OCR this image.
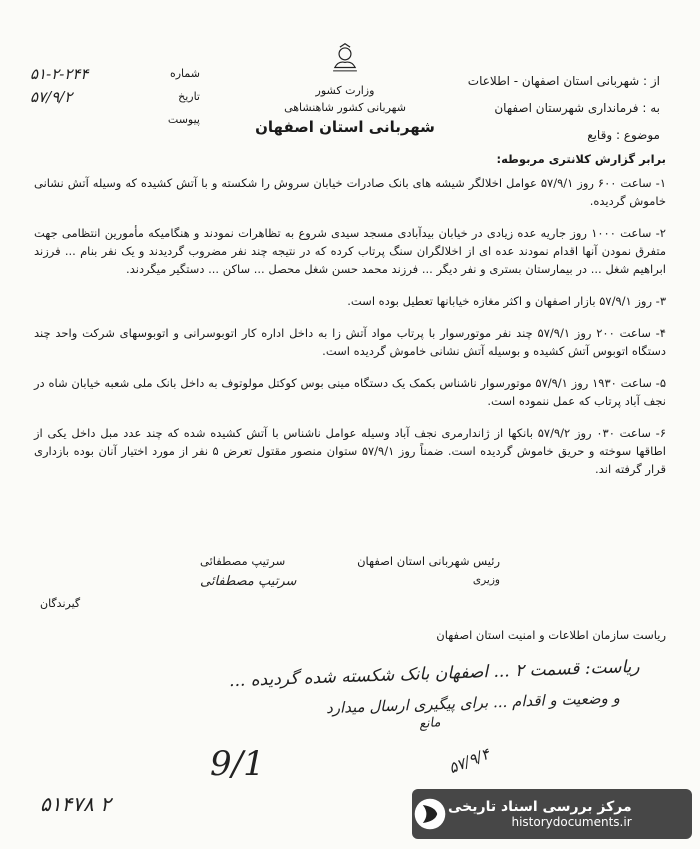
از : شهربانی استان اصفهان - اطلاعات
به : فرمانداری شهرستان اصفهان
موضوع : وقایع
وزارت کشور
شهربانی کشور شاهنشاهی
شهربانی استان اصفهان
شماره
۵۱-۲-۲۴۴
تاریخ
۵۷/۹/۲
پیوست
برابر گزارش کلانتری مربوطه:
۱- ساعت ۶۰۰ روز ۵۷/۹/۱ عوامل اخلالگر شیشه های بانک صادرات خیابان سروش را شکسته و با آتش کشیده که وسیله آتش نشانی خاموش گردیده.
۲- ساعت ۱۰۰۰ روز جاریه عده زیادی در خیابان بیدآبادی مسجد سیدی شروع به تظاهرات نمودند و هنگامیکه مأمورین انتظامی جهت متفرق نمودن آنها اقدام نمودند عده ای از اخلالگران سنگ پرتاب کرده که در نتیجه چند نفر مضروب گردیدند و یک نفر بنام ... فرزند ابراهیم شغل ... در بیمارستان بستری و نفر دیگر ... فرزند محمد حسن شغل محصل ... ساکن ... دستگیر میگردند.
۳- روز ۵۷/۹/۱ بازار اصفهان و اکثر مغازه خیابانها تعطیل بوده است.
۴- ساعت ۲۰۰ روز ۵۷/۹/۱ چند نفر موتورسوار با پرتاب مواد آتش زا به داخل اداره کار اتوبوسرانی و اتوبوسهای شرکت واحد چند دستگاه اتوبوس آتش کشیده و بوسیله آتش نشانی خاموش گردیده است.
۵- ساعت ۱۹۳۰ روز ۵۷/۹/۱ موتورسوار ناشناس بکمک یک دستگاه مینی بوس کوکتل مولوتوف به داخل بانک ملی شعبه خیابان شاه در نجف آباد پرتاب که عمل ننموده است.
۶- ساعت ۰۳۰ روز ۵۷/۹/۲ بانکها از ژاندارمری نجف آباد وسیله عوامل ناشناس با آتش کشیده شده که چند عدد مبل داخل یکی از اطاقها سوخته و حریق خاموش گردیده است. ضمناً روز ۵۷/۹/۱ ستوان منصور مقتول تعرض ۵ نفر از مورد اختیار آنان بوده بازداری قرار گرفته اند.
رئیس شهربانی استان اصفهان
سرتیپ مصطفائی
وزیری
سرتیپ مصطفائی
گیرندگان
ریاست سازمان اطلاعات و امنیت استان اصفهان
ریاست: قسمت ۲ ... اصفهان بانک شکسته شده گردیده ...
و وضعیت و اقدام ... برای پیگیری ارسال میدارد
مانع
۵۷/۹/۴
9/1
۵۱۴۷۸ ۲	مرکز بررسی اسناد تاریخی
historydocuments.ir
